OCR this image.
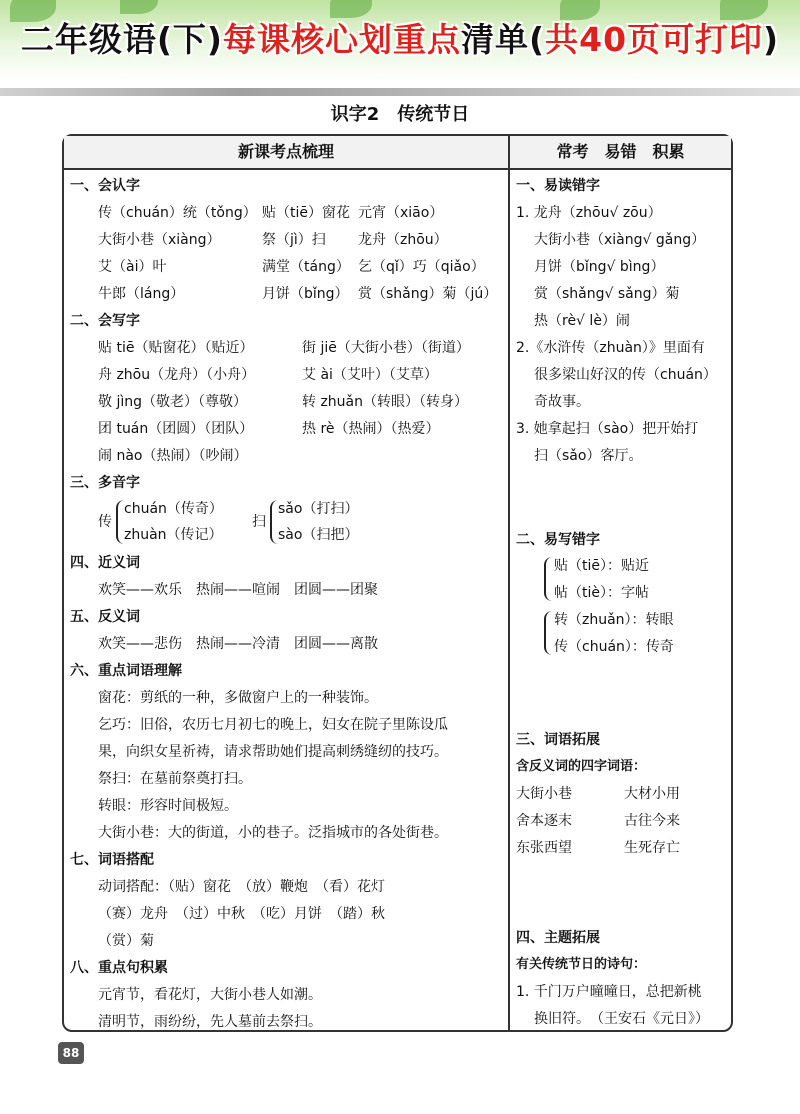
二年级语(下)每课核心划重点清单(共40页可打印)
识字2　传统节日
新课考点梳理	常考　易错　积累
一、会认字
传（chuán）统（tǒng） 贴（tiē）窗花 元宵（xiāo）
大街小巷（xiàng）	祭（jì）扫 龙舟（zhōu）
艾（ài）叶	满堂（táng） 乞（qǐ）巧（qiǎo）
牛郎（láng）	月饼（bǐng） 赏（shǎng）菊（jú）
二、会写字
贴 tiē（贴窗花）（贴近）	街 jiē（大街小巷）（街道）
舟 zhōu（龙舟）（小舟）	艾 ài（艾叶）（艾草）
敬 jìng（敬老）（尊敬）	转 zhuǎn（转眼）（转身）
团 tuán（团圆）（团队）	热 rè（热闹）（热爱）
闹 nào（热闹）（吵闹）
三、多音字
传
chuán（传奇）
zhuàn（传记）
扫
sǎo（打扫）
sào（扫把）
四、近义词
欢笑——欢乐　热闹——喧闹　团圆——团聚
五、反义词
欢笑——悲伤　热闹——冷清　团圆——离散
六、重点词语理解
窗花：剪纸的一种，多做窗户上的一种装饰。
乞巧：旧俗，农历七月初七的晚上，妇女在院子里陈设瓜
果，向织女星祈祷，请求帮助她们提高刺绣缝纫的技巧。
祭扫：在墓前祭奠打扫。
转眼：形容时间极短。
大街小巷：大的街道，小的巷子。泛指城市的各处街巷。
七、词语搭配
动词搭配：（贴）窗花　（放）鞭炮　（看）花灯
（赛）龙舟　（过）中秋　（吃）月饼　（踏）秋
（赏）菊
八、重点句积累
元宵节，看花灯，大街小巷人如潮。
清明节，雨纷纷，先人墓前去祭扫。
一、易读错字
1. 龙舟（zhōu√ zōu）
大街小巷（xiàng√ gǎng）
月饼（bǐng√ bìng）
赏（shǎng√ sǎng）菊
热（rè√ lè）闹
2.《水浒传（zhuàn）》里面有
很多梁山好汉的传（chuán）
奇故事。
3. 她拿起扫（sào）把开始打
扫（sǎo）客厅。
二、易写错字
贴（tiē）：贴近
帖（tiè）：字帖
转（zhuǎn）：转眼
传（chuán）：传奇
三、词语拓展
含反义词的四字词语：
大街小巷	大材小用
舍本逐末	古往今来
东张西望	生死存亡
四、主题拓展
有关传统节日的诗句：
1. 千门万户曈曈日，总把新桃
换旧符。　（王安石《元日》）
88
